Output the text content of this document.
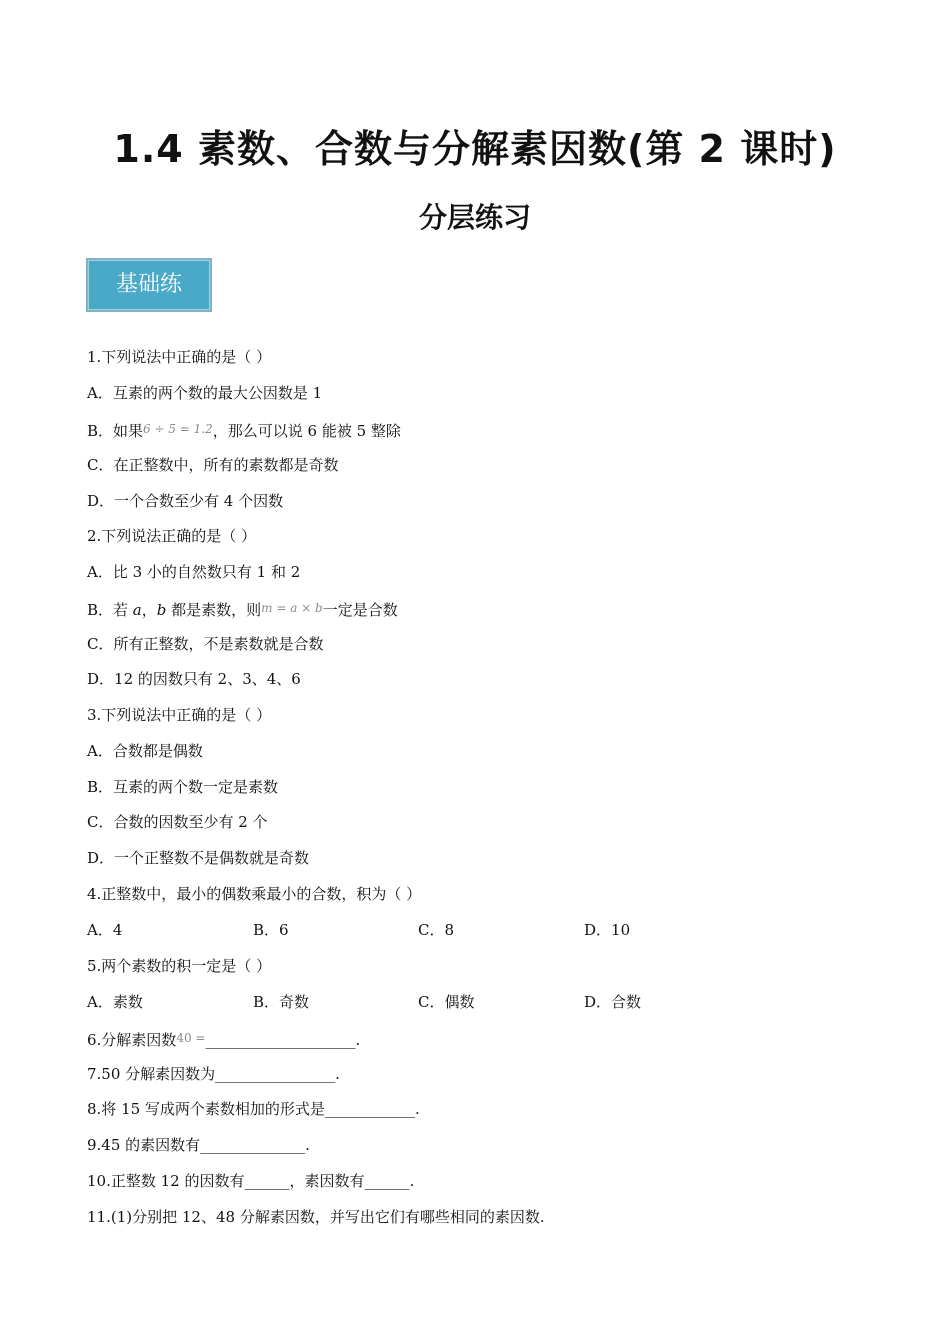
1.4 素数、合数与分解素因数(第 2 课时)
分层练习
基础练
1.下列说法中正确的是（ ）
A．互素的两个数的最大公因数是 1
B．如果$^{6 \div 5 = 1.2}$，那么可以说 6 能被 5 整除
C．在正整数中，所有的素数都是奇数
D．一个合数至少有 4 个因数
2.下列说法正确的是（ ）
A．比 3 小的自然数只有 1 和 2
B．若 a，b 都是素数，则$^{m = a \times b}$一定是合数
C．所有正整数，不是素数就是合数
D．12 的因数只有 2、3、4、6
3.下列说法中正确的是（ ）
A．合数都是偶数
B．互素的两个数一定是素数
C．合数的因数至少有 2 个
D．一个正整数不是偶数就是奇数
4.正整数中，最小的偶数乘最小的合数，积为（ ）
A．4	B．6	C．8	D．10
5.两个素数的积一定是（ ）
A．素数	B．奇数	C．偶数	D．合数
6.分解素因数$^{40 =}$____________________.
7.50 分解素因数为________________.
8.将 15 写成两个素数相加的形式是____________.
9.45 的素因数有______________.
10.正整数 12 的因数有______，素因数有______.
11.(1)分别把 12、48 分解素因数，并写出它们有哪些相同的素因数.
